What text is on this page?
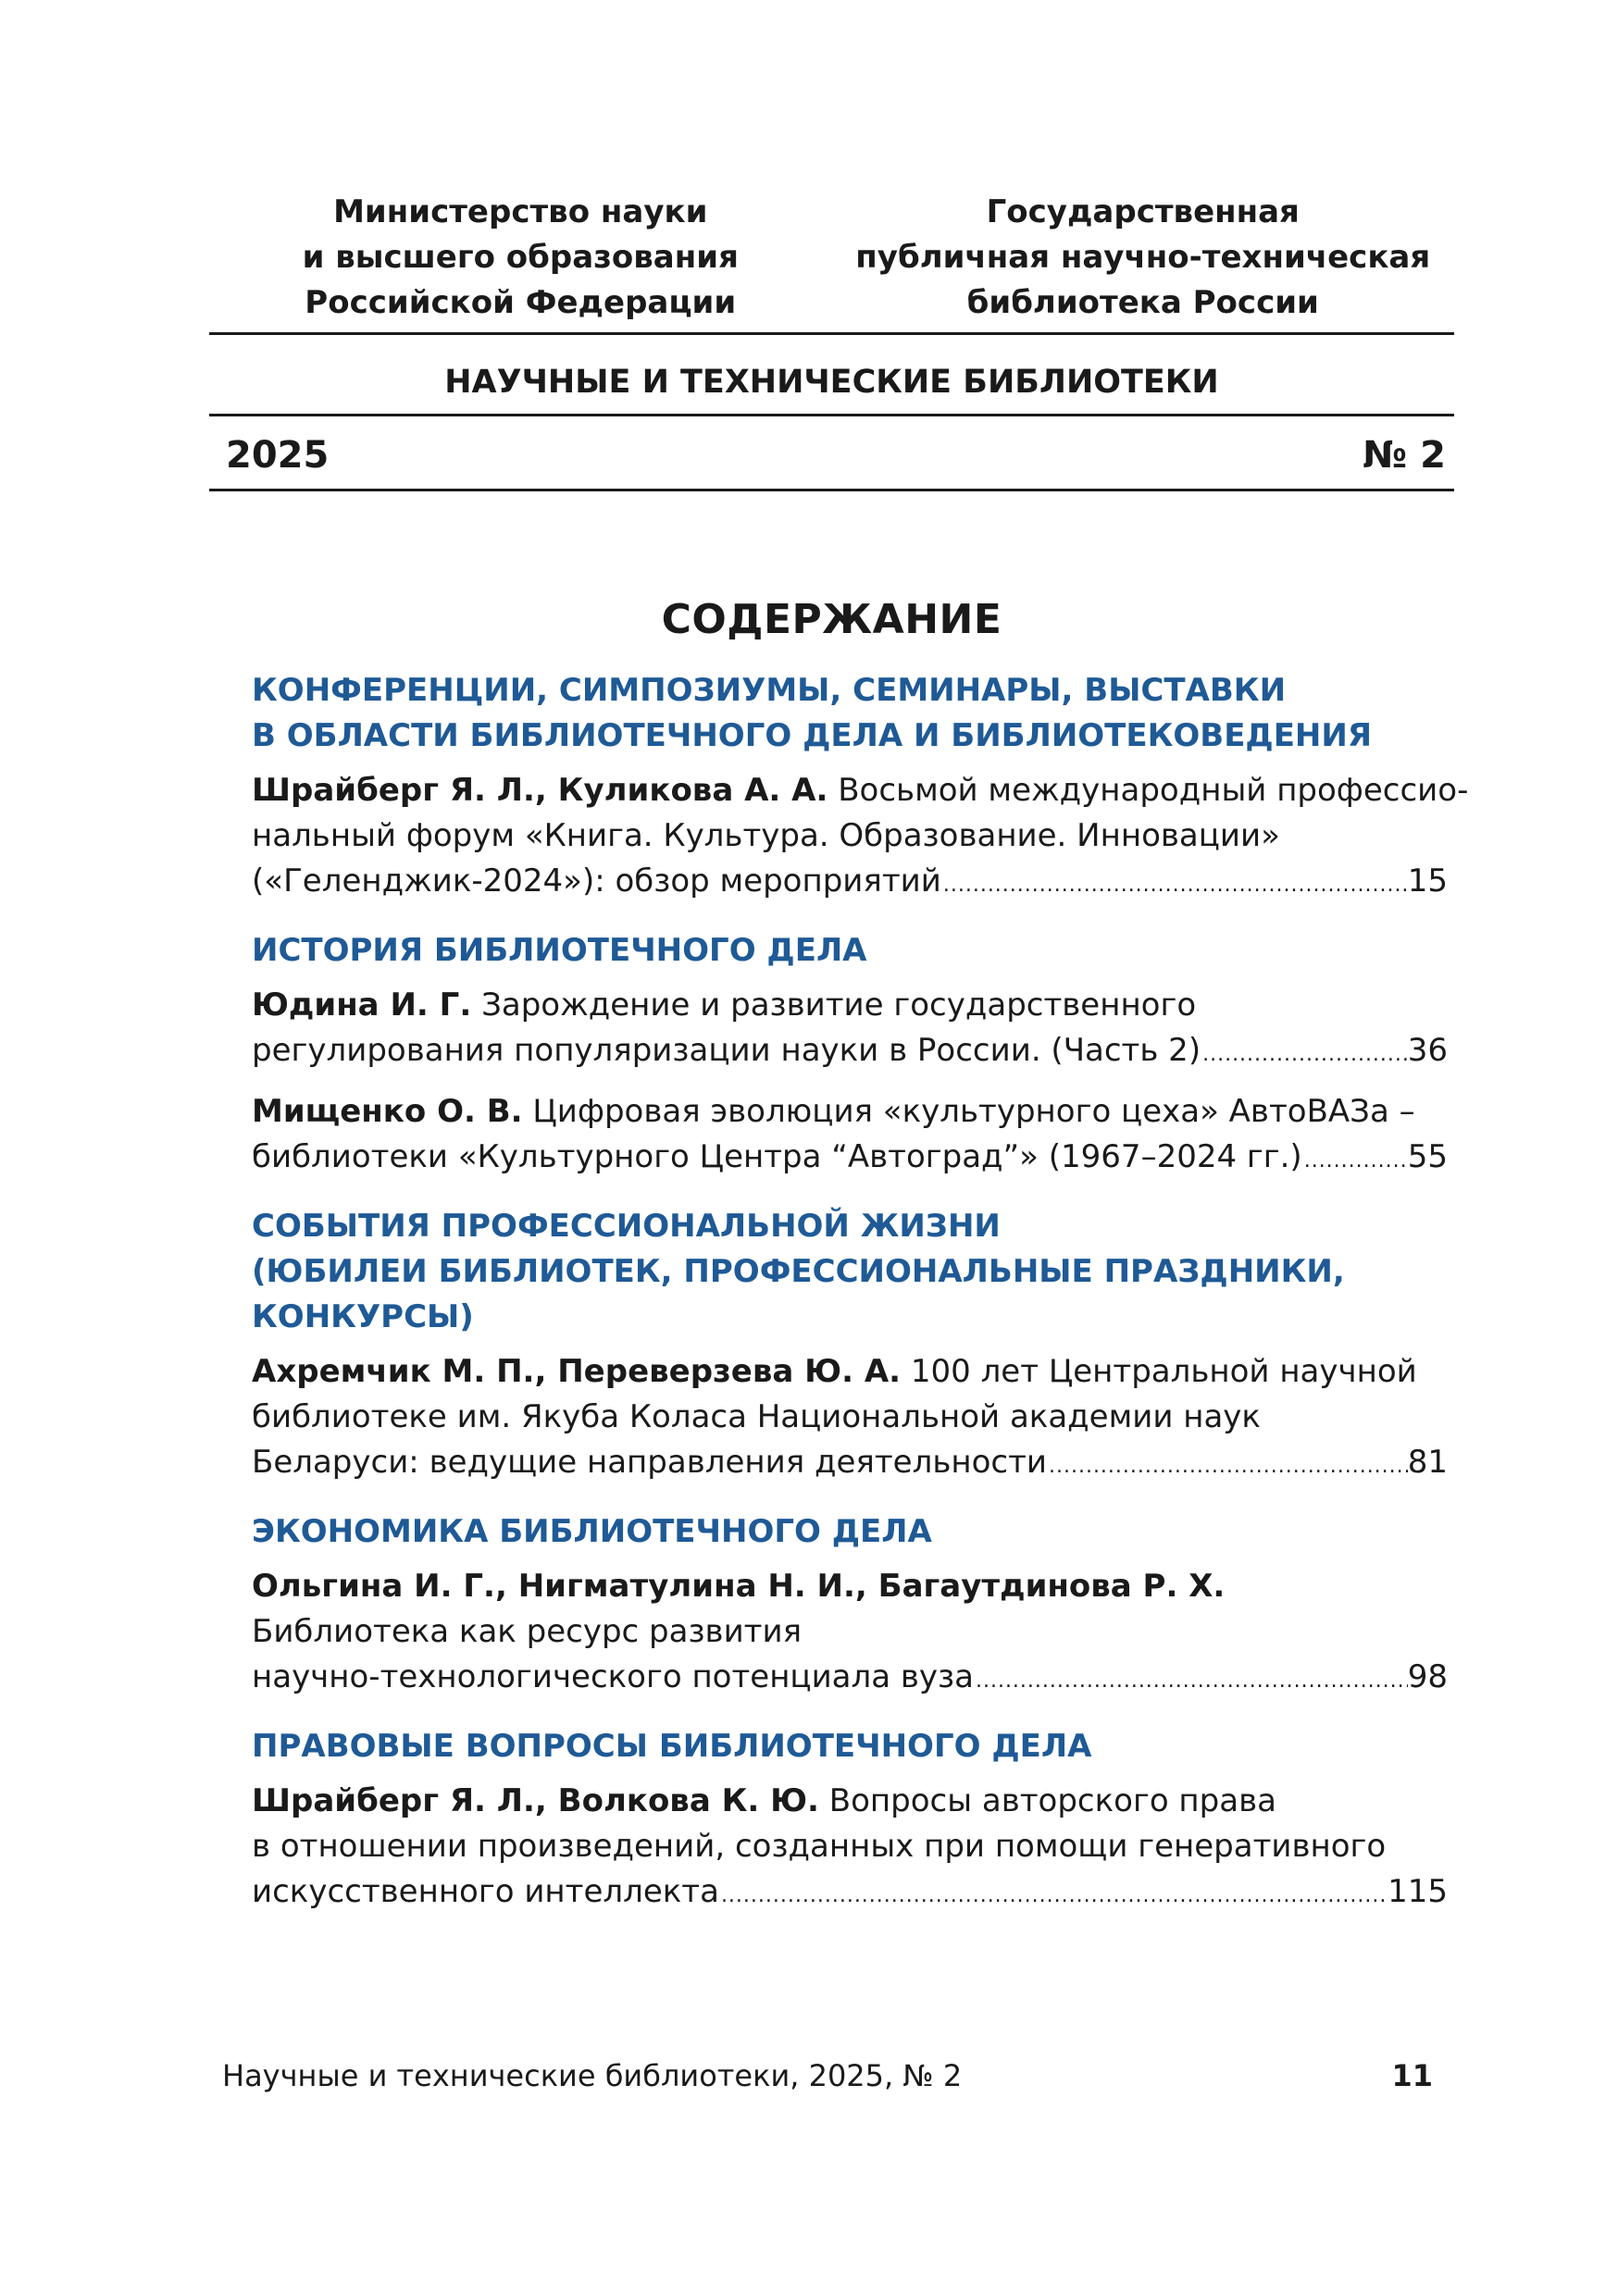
Министерство науки
и высшего образования
Российской Федерации
Государственная
публичная научно-техническая
библиотека России
НАУЧНЫЕ И ТЕХНИЧЕСКИЕ БИБЛИОТЕКИ
2025	№ 2
СОДЕРЖАНИЕ
КОНФЕРЕНЦИИ, СИМПОЗИУМЫ, СЕМИНАРЫ, ВЫСТАВКИ
В ОБЛАСТИ БИБЛИОТЕЧНОГО ДЕЛА И БИБЛИОТЕКОВЕДЕНИЯ
Шрайберг Я. Л., Куликова А. А. Восьмой международный профессио-
нальный форум «Книга. Культура. Образование. Инновации»
(«Геленджик-2024»): обзор мероприятий .....	15
ИСТОРИЯ БИБЛИОТЕЧНОГО ДЕЛА
Юдина И. Г. Зарождение и развитие государственного
регулирования популяризации науки в России. (Часть 2) .....	36
Мищенко О. В. Цифровая эволюция «культурного цеха» АвтоВАЗа –
библиотеки «Культурного Центра “Автоград”» (1967–2024 гг.) .....	55
СОБЫТИЯ ПРОФЕССИОНАЛЬНОЙ ЖИЗНИ
(ЮБИЛЕИ БИБЛИОТЕК, ПРОФЕССИОНАЛЬНЫЕ ПРАЗДНИКИ,
КОНКУРСЫ)
Ахремчик М. П., Переверзева Ю. А. 100 лет Центральной научной
библиотеке им. Якуба Коласа Национальной академии наук
Беларуси: ведущие направления деятельности .....	81
ЭКОНОМИКА БИБЛИОТЕЧНОГО ДЕЛА
Ольгина И. Г., Нигматулина Н. И., Багаутдинова Р. Х.
Библиотека как ресурс развития
научно-технологического потенциала вуза .....	98
ПРАВОВЫЕ ВОПРОСЫ БИБЛИОТЕЧНОГО ДЕЛА
Шрайберг Я. Л., Волкова К. Ю. Вопросы авторского права
в отношении произведений, созданных при помощи генеративного
искусственного интеллекта .....	115
Научные и технические библиотеки, 2025, № 2	11
